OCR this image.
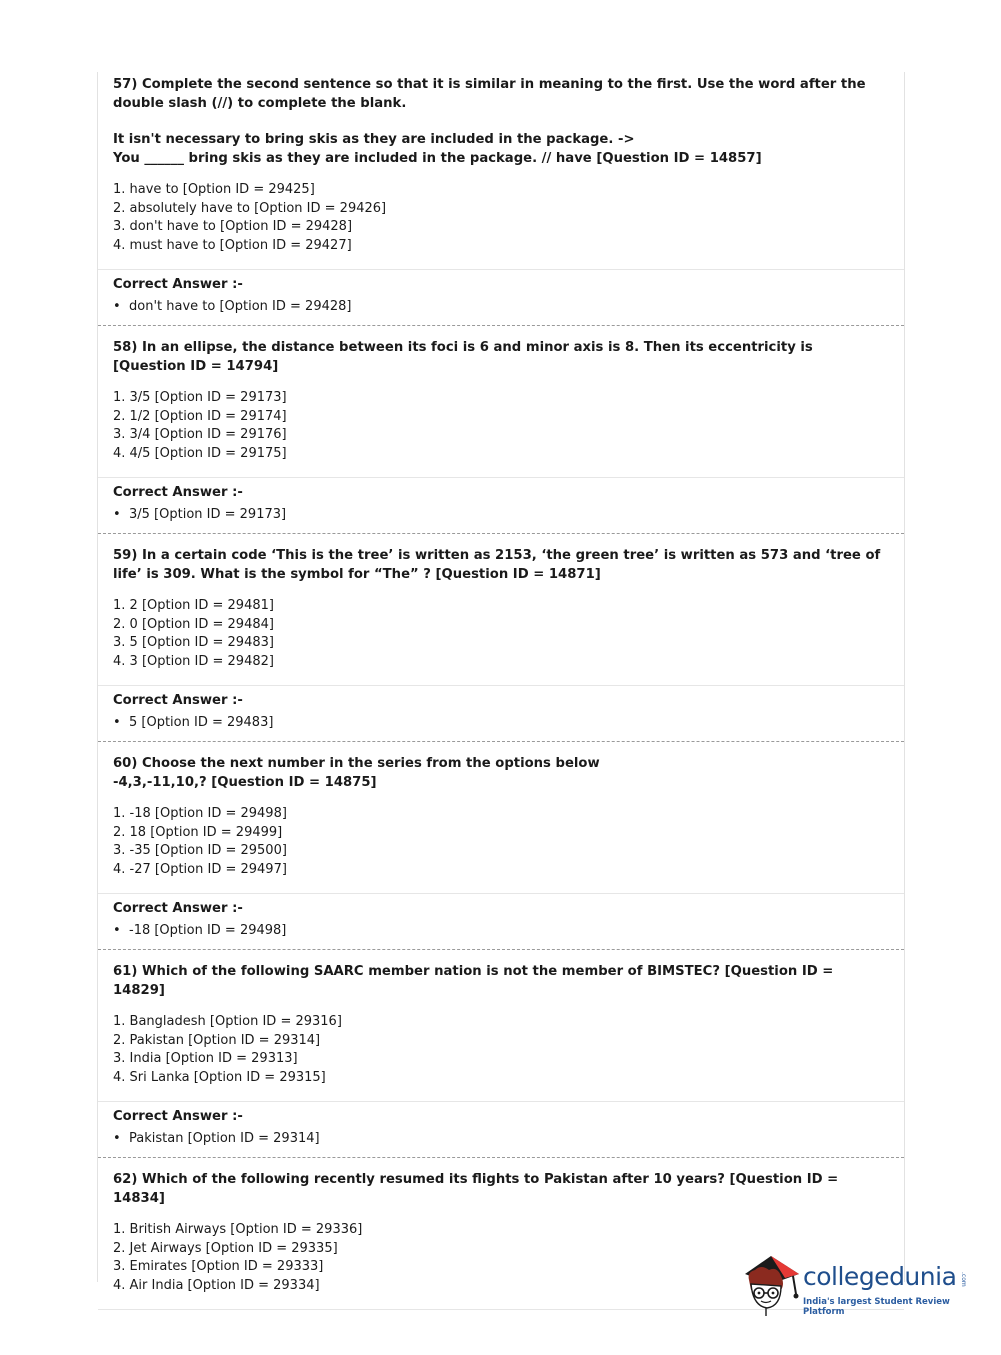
57) Complete the second sentence so that it is similar in meaning to the first. Use the word after the double slash (//) to complete the blank.

It isn't necessary to bring skis as they are included in the package. ->
You ______ bring skis as they are included in the package. // have [Question ID = 14857]

1. have to [Option ID = 29425]
2. absolutely have to [Option ID = 29426]
3. don't have to [Option ID = 29428]
4. must have to [Option ID = 29427]
Correct Answer :-
• don't have to [Option ID = 29428]

58) In an ellipse, the distance between its foci is 6 and minor axis is 8. Then its eccentricity is [Question ID = 14794]

1. 3/5 [Option ID = 29173]
2. 1/2 [Option ID = 29174]
3. 3/4 [Option ID = 29176]
4. 4/5 [Option ID = 29175]
Correct Answer :-
• 3/5 [Option ID = 29173]

59) In a certain code ‘This is the tree’ is written as 2153, ‘the green tree’ is written as 573 and ‘tree of life’ is 309. What is the symbol for “The” ? [Question ID = 14871]

1. 2 [Option ID = 29481]
2. 0 [Option ID = 29484]
3. 5 [Option ID = 29483]
4. 3 [Option ID = 29482]
Correct Answer :-
• 5 [Option ID = 29483]

60) Choose the next number in the series from the options below
-4,3,-11,10,? [Question ID = 14875]

1. -18 [Option ID = 29498]
2. 18 [Option ID = 29499]
3. -35 [Option ID = 29500]
4. -27 [Option ID = 29497]
Correct Answer :-
• -18 [Option ID = 29498]

61) Which of the following SAARC member nation is not the member of BIMSTEC? [Question ID = 14829]

1. Bangladesh [Option ID = 29316]
2. Pakistan [Option ID = 29314]
3. India [Option ID = 29313]
4. Sri Lanka [Option ID = 29315]
Correct Answer :-
• Pakistan [Option ID = 29314]

62) Which of the following recently resumed its flights to Pakistan after 10 years? [Question ID = 14834]

1. British Airways [Option ID = 29336]
2. Jet Airways [Option ID = 29335]
3. Emirates [Option ID = 29333]
4. Air India [Option ID = 29334]	collegedunia .com
India's largest Student Review Platform
